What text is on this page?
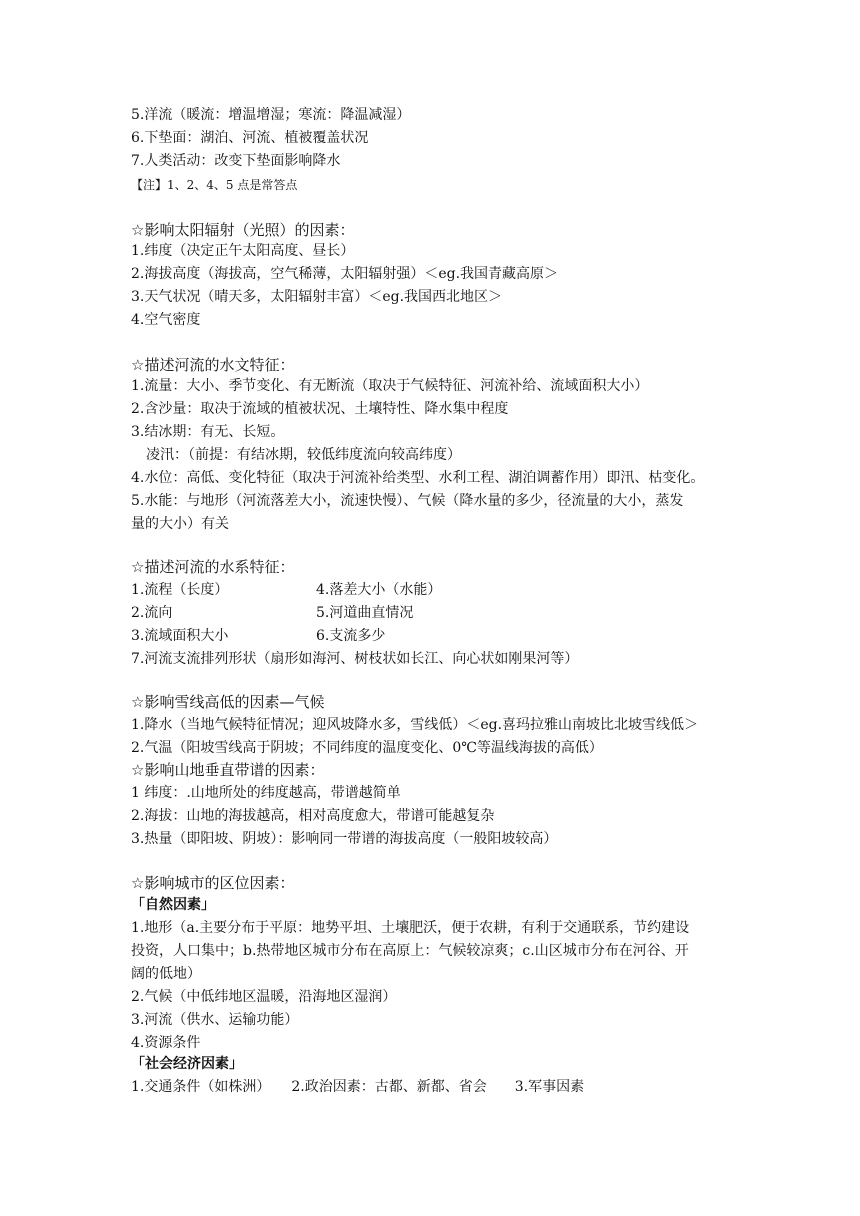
5.洋流（暖流：增温增湿；寒流：降温减湿）
6.下垫面：湖泊、河流、植被覆盖状况
7.人类活动：改变下垫面影响降水
【注】1、2、4、5 点是常答点
☆影响太阳辐射（光照）的因素：
1.纬度（决定正午太阳高度、昼长）
2.海拔高度（海拔高，空气稀薄，太阳辐射强）＜eg.我国青藏高原＞
3.天气状况（晴天多，太阳辐射丰富）＜eg.我国西北地区＞
4.空气密度
☆描述河流的水文特征：
1.流量：大小、季节变化、有无断流（取决于气候特征、河流补给、流域面积大小）
2.含沙量：取决于流域的植被状况、土壤特性、降水集中程度
3.结冰期：有无、长短。
凌汛：（前提：有结冰期，较低纬度流向较高纬度）
4.水位：高低、变化特征（取决于河流补给类型、水利工程、湖泊调蓄作用）即汛、枯变化。
5.水能：与地形（河流落差大小，流速快慢）、气候（降水量的多少，径流量的大小，蒸发
量的大小）有关
☆描述河流的水系特征：
1.流程（长度）	4.落差大小（水能）
2.流向	5.河道曲直情况
3.流域面积大小	6.支流多少
7.河流支流排列形状（扇形如海河、树枝状如长江、向心状如刚果河等）
☆影响雪线高低的因素—气候
1.降水（当地气候特征情况；迎风坡降水多，雪线低）＜eg.喜玛拉雅山南坡比北坡雪线低＞
2.气温（阳坡雪线高于阴坡；不同纬度的温度变化、0℃等温线海拔的高低）
☆影响山地垂直带谱的因素：
1 纬度：.山地所处的纬度越高，带谱越简单
2.海拔：山地的海拔越高，相对高度愈大，带谱可能越复杂
3.热量（即阳坡、阴坡）：影响同一带谱的海拔高度（一般阳坡较高）
☆影响城市的区位因素：
「自然因素」
1.地形（a.主要分布于平原：地势平坦、土壤肥沃，便于农耕，有利于交通联系，节约建设
投资，人口集中；b.热带地区城市分布在高原上：气候较凉爽；c.山区城市分布在河谷、开
阔的低地）
2.气候（中低纬地区温暖，沿海地区湿润）
3.河流（供水、运输功能）
4.资源条件
「社会经济因素」
1.交通条件（如株洲）　　2.政治因素：古都、新都、省会　　3.军事因素
